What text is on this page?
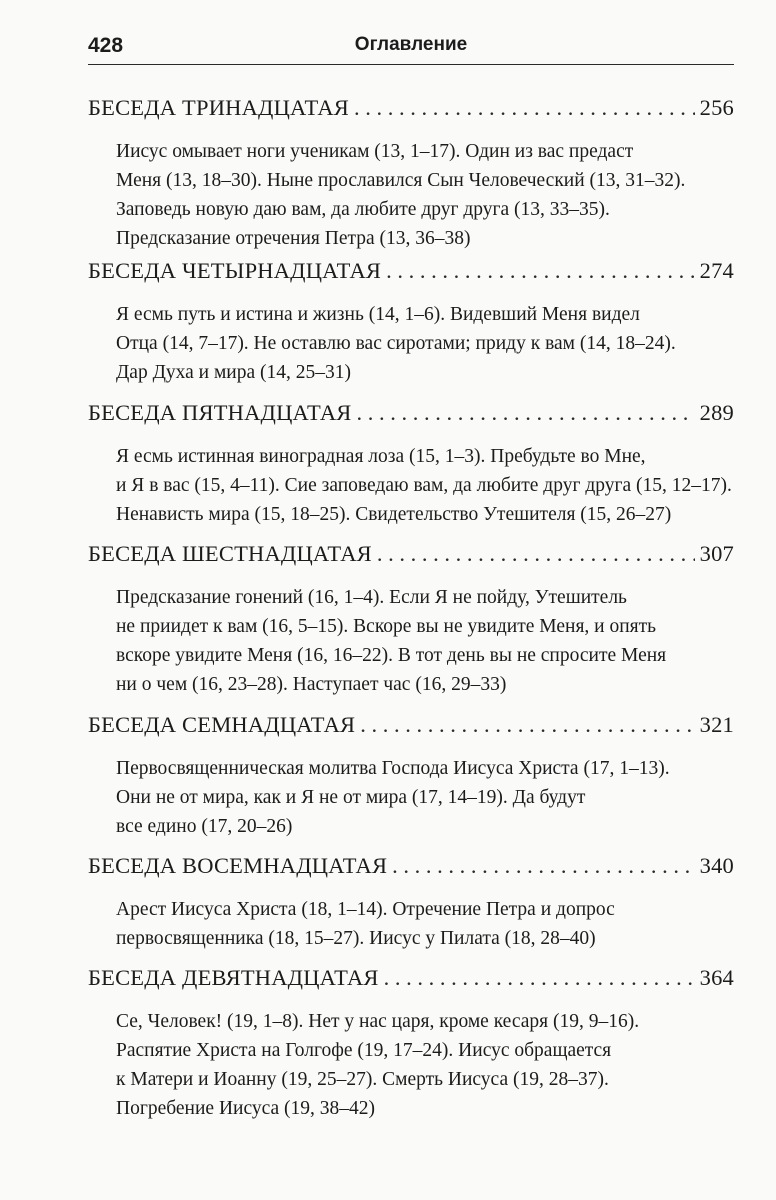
428	Оглавление
БЕСЕДА ТРИНАДЦАТАЯ . . .	256
Иисус омывает ноги ученикам (13, 1–17). Один из вас предаст
Меня (13, 18–30). Ныне прославился Сын Человеческий (13, 31–32).
Заповедь новую даю вам, да любите друг друга (13, 33–35).
Предсказание отречения Петра (13, 36–38)
БЕСЕДА ЧЕТЫРНАДЦАТАЯ . . .	274
Я есмь путь и истина и жизнь (14, 1–6). Видевший Меня видел
Отца (14, 7–17). Не оставлю вас сиротами; приду к вам (14, 18–24).
Дар Духа и мира (14, 25–31)
БЕСЕДА ПЯТНАДЦАТАЯ . . .	289
Я есмь истинная виноградная лоза (15, 1–3). Пребудьте во Мне,
и Я в вас (15, 4–11). Сие заповедаю вам, да любите друг друга (15, 12–17).
Ненависть мира (15, 18–25). Свидетельство Утешителя (15, 26–27)
БЕСЕДА ШЕСТНАДЦАТАЯ . . .	307
Предсказание гонений (16, 1–4). Если Я не пойду, Утешитель
не приидет к вам (16, 5–15). Вскоре вы не увидите Меня, и опять
вскоре увидите Меня (16, 16–22). В тот день вы не спросите Меня
ни о чем (16, 23–28). Наступает час (16, 29–33)
БЕСЕДА СЕМНАДЦАТАЯ . . .	321
Первосвященническая молитва Господа Иисуса Христа (17, 1–13).
Они не от мира, как и Я не от мира (17, 14–19). Да будут
все едино (17, 20–26)
БЕСЕДА ВОСЕМНАДЦАТАЯ . . .	340
Арест Иисуса Христа (18, 1–14). Отречение Петра и допрос
первосвященника (18, 15–27). Иисус у Пилата (18, 28–40)
БЕСЕДА ДЕВЯТНАДЦАТАЯ . . .	364
Се, Человек! (19, 1–8). Нет у нас царя, кроме кесаря (19, 9–16).
Распятие Христа на Голгофе (19, 17–24). Иисус обращается
к Матери и Иоанну (19, 25–27). Смерть Иисуса (19, 28–37).
Погребение Иисуса (19, 38–42)
